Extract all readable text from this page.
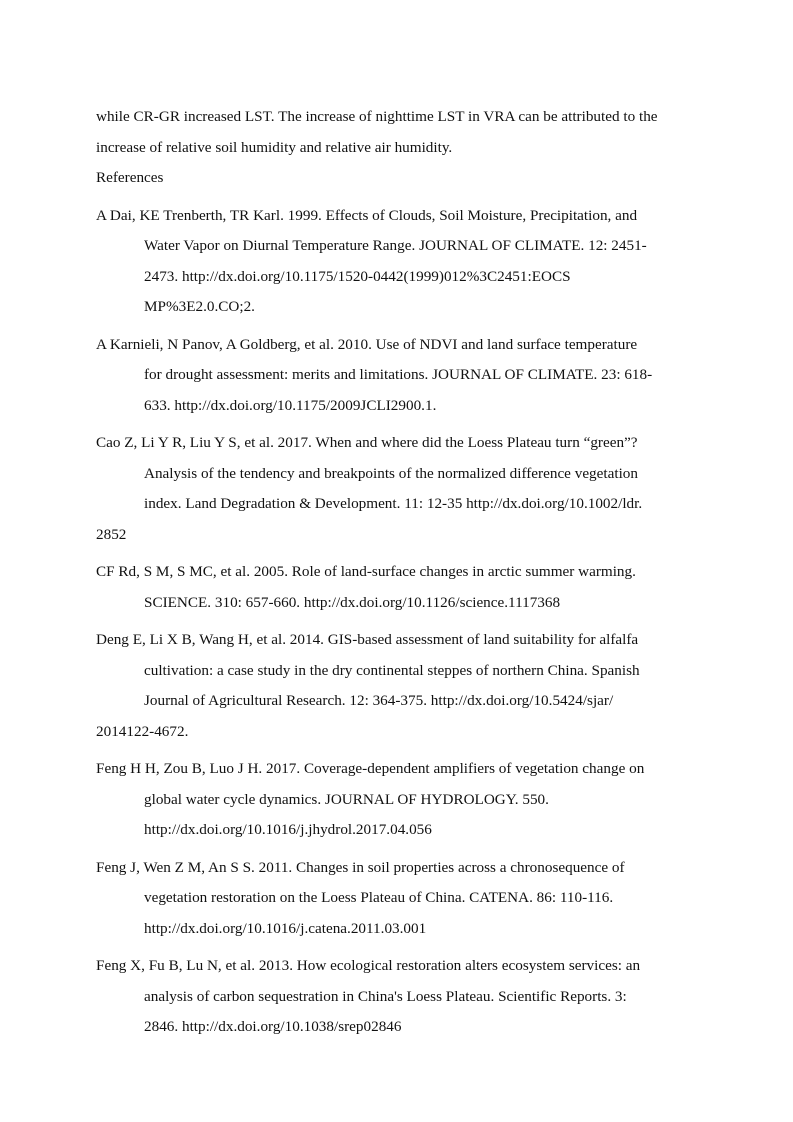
while CR-GR increased LST. The increase of nighttime LST in VRA can be attributed to the
increase of relative soil humidity and relative air humidity.
References
A Dai, KE Trenberth, TR Karl. 1999. Effects of Clouds, Soil Moisture, Precipitation, and
Water Vapor on Diurnal Temperature Range. JOURNAL OF CLIMATE. 12: 2451-
2473. http://dx.doi.org/10.1175/1520-0442(1999)012%3C2451:EOCS
MP%3E2.0.CO;2.
A Karnieli, N Panov, A Goldberg, et al. 2010. Use of NDVI and land surface temperature
for drought assessment: merits and limitations. JOURNAL OF CLIMATE. 23: 618-
633. http://dx.doi.org/10.1175/2009JCLI2900.1.
Cao Z, Li Y R, Liu Y S, et al. 2017. When and where did the Loess Plateau turn “green”?
Analysis of the tendency and breakpoints of the normalized difference vegetation
index. Land Degradation & Development. 11: 12-35 http://dx.doi.org/10.1002/ldr.
2852
CF Rd, S M, S MC, et al. 2005. Role of land-surface changes in arctic summer warming.
SCIENCE. 310: 657-660. http://dx.doi.org/10.1126/science.1117368
Deng E, Li X B, Wang H, et al. 2014. GIS-based assessment of land suitability for alfalfa
cultivation: a case study in the dry continental steppes of northern China. Spanish
Journal of Agricultural Research. 12: 364-375. http://dx.doi.org/10.5424/sjar/
2014122-4672.
Feng H H, Zou B, Luo J H. 2017. Coverage-dependent amplifiers of vegetation change on
global water cycle dynamics. JOURNAL OF HYDROLOGY. 550.
http://dx.doi.org/10.1016/j.jhydrol.2017.04.056
Feng J, Wen Z M, An S S. 2011. Changes in soil properties across a chronosequence of
vegetation restoration on the Loess Plateau of China. CATENA. 86: 110-116.
http://dx.doi.org/10.1016/j.catena.2011.03.001
Feng X, Fu B, Lu N, et al. 2013. How ecological restoration alters ecosystem services: an
analysis of carbon sequestration in China's Loess Plateau. Scientific Reports. 3:
2846. http://dx.doi.org/10.1038/srep02846
